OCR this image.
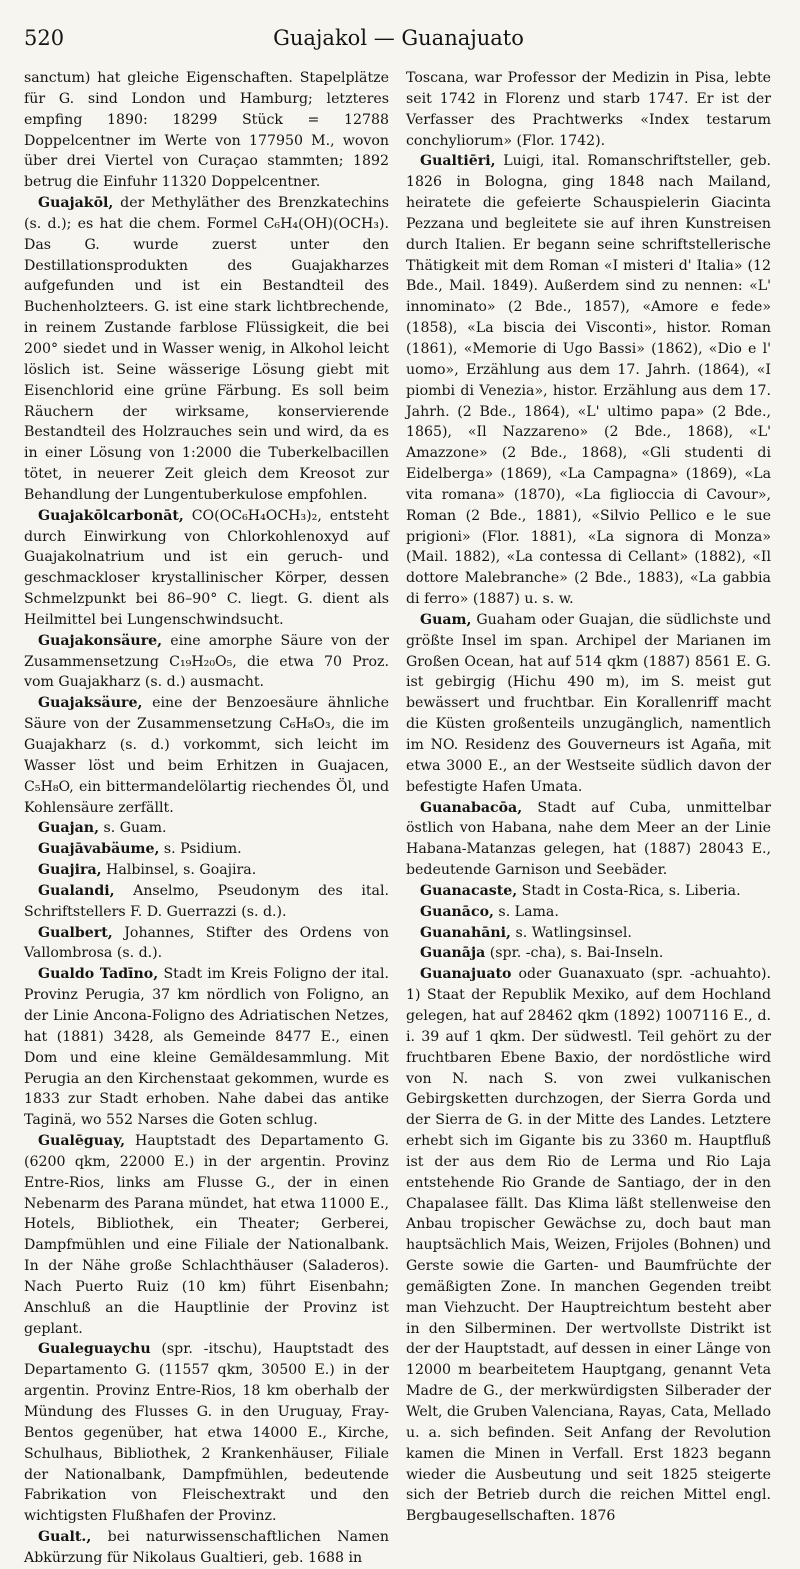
520	Guajakol — Guanajuato

sanctum) hat gleiche Eigenschaften. Stapelplätze für G. sind London und Hamburg; letzteres empfing 1890: 18299 Stück = 12788 Doppelcentner im Werte von 177950 M., wovon über drei Viertel von Curaçao stammten; 1892 betrug die Einfuhr 11320 Doppelcentner.

Guajakōl, der Methyläther des Brenzkatechins (s. d.); es hat die chem. Formel C₆H₄(OH)(OCH₃). Das G. wurde zuerst unter den Destillationsprodukten des Guajakharzes aufgefunden und ist ein Bestandteil des Buchenholzteers. G. ist eine stark lichtbrechende, in reinem Zustande farblose Flüssigkeit, die bei 200° siedet und in Wasser wenig, in Alkohol leicht löslich ist. Seine wässerige Lösung giebt mit Eisenchlorid eine grüne Färbung. Es soll beim Räuchern der wirksame, konservierende Bestandteil des Holzrauches sein und wird, da es in einer Lösung von 1:2000 die Tuberkelbacillen tötet, in neuerer Zeit gleich dem Kreosot zur Behandlung der Lungentuberkulose empfohlen.

Guajakōlcarbonāt, CO(OC₆H₄OCH₃)₂, entsteht durch Einwirkung von Chlorkohlenoxyd auf Guajakolnatrium und ist ein geruch- und geschmackloser krystallinischer Körper, dessen Schmelzpunkt bei 86–90° C. liegt. G. dient als Heilmittel bei Lungenschwindsucht.

Guajakonsäure, eine amorphe Säure von der Zusammensetzung C₁₉H₂₀O₅, die etwa 70 Proz. vom Guajakharz (s. d.) ausmacht.

Guajaksäure, eine der Benzoesäure ähnliche Säure von der Zusammensetzung C₆H₈O₃, die im Guajakharz (s. d.) vorkommt, sich leicht im Wasser löst und beim Erhitzen in Guajacen, C₅H₈O, ein bittermandelölartig riechendes Öl, und Kohlensäure zerfällt.

Guajan, s. Guam.

Guajāvabäume, s. Psidium.

Guajira, Halbinsel, s. Goajira.

Gualandi, Anselmo, Pseudonym des ital. Schriftstellers F. D. Guerrazzi (s. d.).

Gualbert, Johannes, Stifter des Ordens von Vallombrosa (s. d.).

Gualdo Tadīno, Stadt im Kreis Foligno der ital. Provinz Perugia, 37 km nördlich von Foligno, an der Linie Ancona-Foligno des Adriatischen Netzes, hat (1881) 3428, als Gemeinde 8477 E., einen Dom und eine kleine Gemäldesammlung. Mit Perugia an den Kirchenstaat gekommen, wurde es 1833 zur Stadt erhoben. Nahe dabei das antike Taginä, wo 552 Narses die Goten schlug.

Gualēguay, Hauptstadt des Departamento G. (6200 qkm, 22000 E.) in der argentin. Provinz Entre-Rios, links am Flusse G., der in einen Nebenarm des Parana mündet, hat etwa 11000 E., Hotels, Bibliothek, ein Theater; Gerberei, Dampfmühlen und eine Filiale der Nationalbank. In der Nähe große Schlachthäuser (Saladeros). Nach Puerto Ruiz (10 km) führt Eisenbahn; Anschluß an die Hauptlinie der Provinz ist geplant.

Gualeguaychu (spr. -itschu), Hauptstadt des Departamento G. (11557 qkm, 30500 E.) in der argentin. Provinz Entre-Rios, 18 km oberhalb der Mündung des Flusses G. in den Uruguay, Fray-Bentos gegenüber, hat etwa 14000 E., Kirche, Schulhaus, Bibliothek, 2 Krankenhäuser, Filiale der Nationalbank, Dampfmühlen, bedeutende Fabrikation von Fleischextrakt und den wichtigsten Flußhafen der Provinz.

Gualt., bei naturwissenschaftlichen Namen Abkürzung für Nikolaus Gualtieri, geb. 1688 in

Toscana, war Professor der Medizin in Pisa, lebte seit 1742 in Florenz und starb 1747. Er ist der Verfasser des Prachtwerks «Index testarum conchyliorum» (Flor. 1742).

Gualtiēri, Luigi, ital. Romanschriftsteller, geb. 1826 in Bologna, ging 1848 nach Mailand, heiratete die gefeierte Schauspielerin Giacinta Pezzana und begleitete sie auf ihren Kunstreisen durch Italien. Er begann seine schriftstellerische Thätigkeit mit dem Roman «I misteri d' Italia» (12 Bde., Mail. 1849). Außerdem sind zu nennen: «L' innominato» (2 Bde., 1857), «Amore e fede» (1858), «La biscia dei Visconti», histor. Roman (1861), «Memorie di Ugo Bassi» (1862), «Dio e l' uomo», Erzählung aus dem 17. Jahrh. (1864), «I piombi di Venezia», histor. Erzählung aus dem 17. Jahrh. (2 Bde., 1864), «L' ultimo papa» (2 Bde., 1865), «Il Nazzareno» (2 Bde., 1868), «L' Amazzone» (2 Bde., 1868), «Gli studenti di Eidelberga» (1869), «La Campagna» (1869), «La vita romana» (1870), «La figlioccia di Cavour», Roman (2 Bde., 1881), «Silvio Pellico e le sue prigioni» (Flor. 1881), «La signora di Monza» (Mail. 1882), «La contessa di Cellant» (1882), «Il dottore Malebranche» (2 Bde., 1883), «La gabbia di ferro» (1887) u. s. w.

Guam, Guaham oder Guajan, die südlichste und größte Insel im span. Archipel der Marianen im Großen Ocean, hat auf 514 qkm (1887) 8561 E. G. ist gebirgig (Hichu 490 m), im S. meist gut bewässert und fruchtbar. Ein Korallenriff macht die Küsten großenteils unzugänglich, namentlich im NO. Residenz des Gouverneurs ist Agaña, mit etwa 3000 E., an der Westseite südlich davon der befestigte Hafen Umata.

Guanabacōa, Stadt auf Cuba, unmittelbar östlich von Habana, nahe dem Meer an der Linie Habana-Matanzas gelegen, hat (1887) 28043 E., bedeutende Garnison und Seebäder.

Guanacaste, Stadt in Costa-Rica, s. Liberia.

Guanāco, s. Lama.

Guanahāni, s. Watlingsinsel.

Guanāja (spr. -cha), s. Bai-Inseln.

Guanajuato oder Guanaxuato (spr. -achuahto). 1) Staat der Republik Mexiko, auf dem Hochland gelegen, hat auf 28462 qkm (1892) 1007116 E., d. i. 39 auf 1 qkm. Der südwestl. Teil gehört zu der fruchtbaren Ebene Baxio, der nordöstliche wird von N. nach S. von zwei vulkanischen Gebirgsketten durchzogen, der Sierra Gorda und der Sierra de G. in der Mitte des Landes. Letztere erhebt sich im Gigante bis zu 3360 m. Hauptfluß ist der aus dem Rio de Lerma und Rio Laja entstehende Rio Grande de Santiago, der in den Chapalasee fällt. Das Klima läßt stellenweise den Anbau tropischer Gewächse zu, doch baut man hauptsächlich Mais, Weizen, Frijoles (Bohnen) und Gerste sowie die Garten- und Baumfrüchte der gemäßigten Zone. In manchen Gegenden treibt man Viehzucht. Der Hauptreichtum besteht aber in den Silberminen. Der wertvollste Distrikt ist der der Hauptstadt, auf dessen in einer Länge von 12000 m bearbeitetem Hauptgang, genannt Veta Madre de G., der merkwürdigsten Silberader der Welt, die Gruben Valenciana, Rayas, Cata, Mellado u. a. sich befinden. Seit Anfang der Revolution kamen die Minen in Verfall. Erst 1823 begann wieder die Ausbeutung und seit 1825 steigerte sich der Betrieb durch die reichen Mittel engl. Bergbaugesellschaften. 1876
